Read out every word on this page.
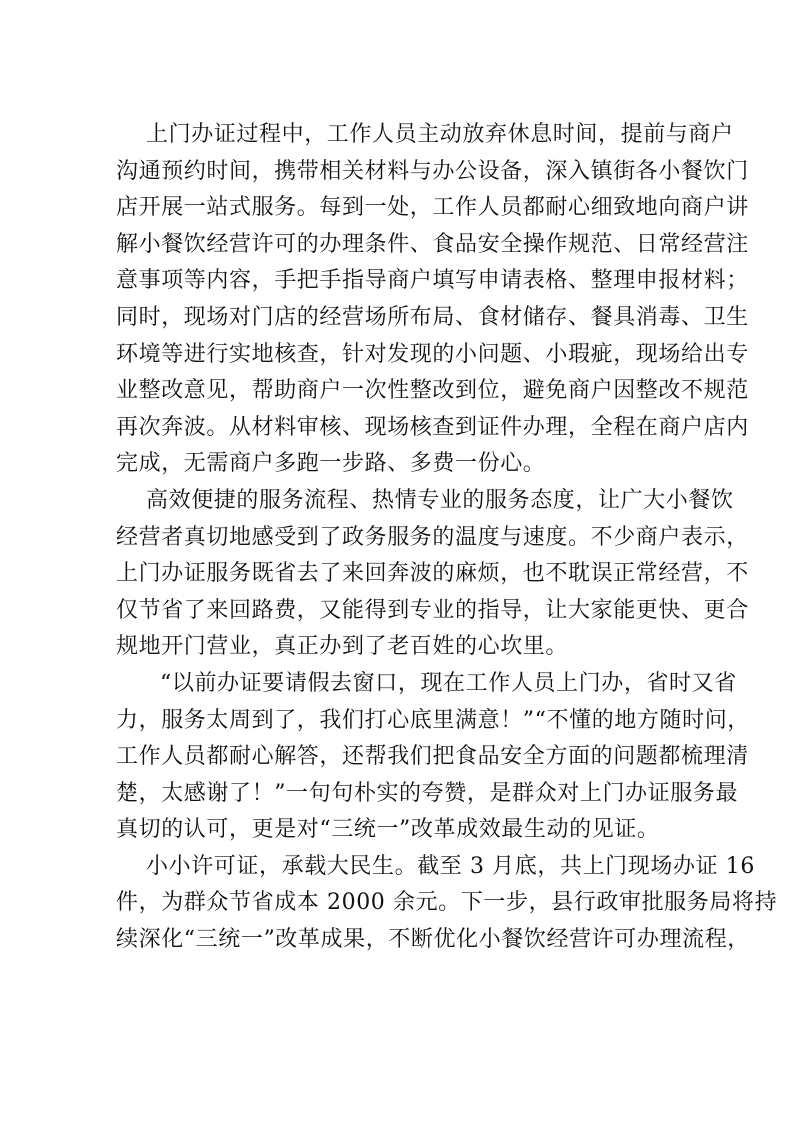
上门办证过程中，工作人员主动放弃休息时间，提前与商户
沟通预约时间，携带相关材料与办公设备，深入镇街各小餐饮门
店开展一站式服务。每到一处，工作人员都耐心细致地向商户讲
解小餐饮经营许可的办理条件、食品安全操作规范、日常经营注
意事项等内容，手把手指导商户填写申请表格、整理申报材料；
同时，现场对门店的经营场所布局、食材储存、餐具消毒、卫生
环境等进行实地核查，针对发现的小问题、小瑕疵，现场给出专
业整改意见，帮助商户一次性整改到位，避免商户因整改不规范
再次奔波。从材料审核、现场核查到证件办理，全程在商户店内
完成，无需商户多跑一步路、多费一份心。

高效便捷的服务流程、热情专业的服务态度，让广大小餐饮
经营者真切地感受到了政务服务的温度与速度。不少商户表示，
上门办证服务既省去了来回奔波的麻烦，也不耽误正常经营，不
仅节省了来回路费，又能得到专业的指导，让大家能更快、更合
规地开门营业，真正办到了老百姓的心坎里。

“以前办证要请假去窗口，现在工作人员上门办，省时又省
力，服务太周到了，我们打心底里满意！”“不懂的地方随时问，
工作人员都耐心解答，还帮我们把食品安全方面的问题都梳理清
楚，太感谢了！”一句句朴实的夸赞，是群众对上门办证服务最
真切的认可，更是对“三统一”改革成效最生动的见证。

小小许可证，承载大民生。截至 3 月底，共上门现场办证 16
件，为群众节省成本 2000 余元。下一步，县行政审批服务局将持
续深化“三统一”改革成果，不断优化小餐饮经营许可办理流程，
